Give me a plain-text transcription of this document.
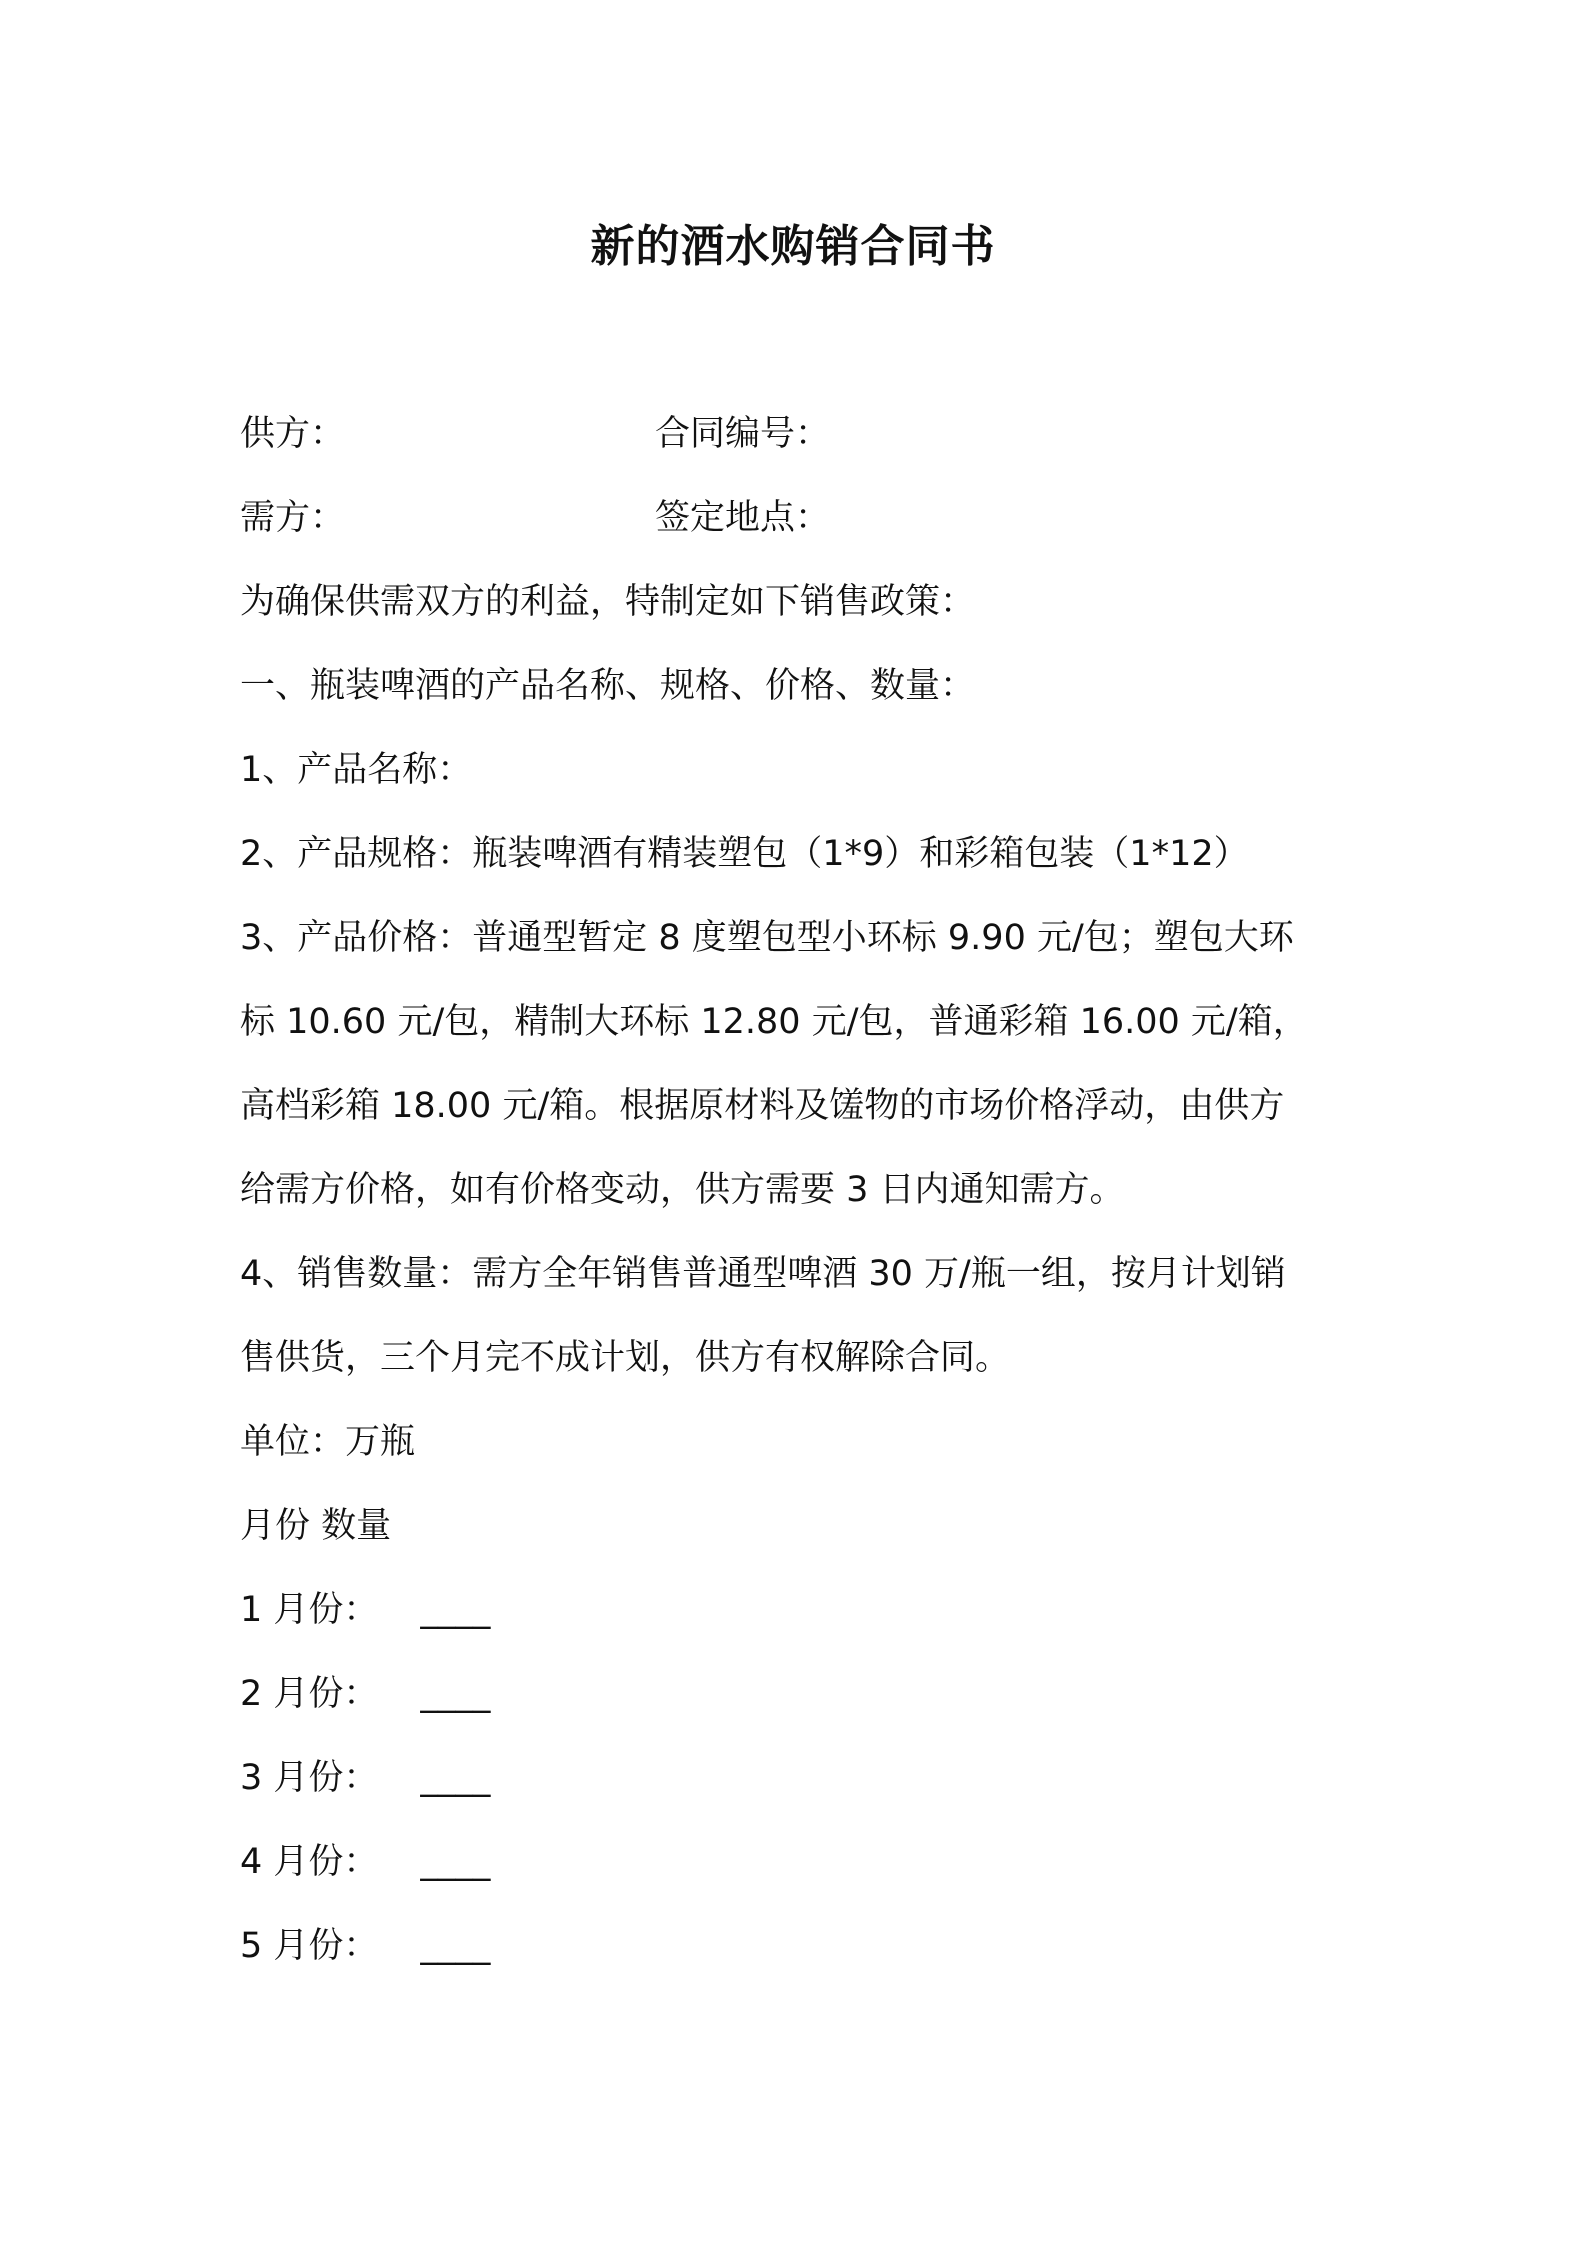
新的酒水购销合同书
供方：	合同编号：
需方：	签定地点：
为确保供需双方的利益，特制定如下销售政策：
一、瓶装啤酒的产品名称、规格、价格、数量：
1、产品名称：
2、产品规格：瓶装啤酒有精装塑包（1*9）和彩箱包装（1*12）
3、产品价格：普通型暂定 8 度塑包型小环标 9.90 元/包；塑包大环
标 10.60 元/包，精制大环标 12.80 元/包，普通彩箱 16.00 元/箱，
高档彩箱 18.00 元/箱。根据原材料及馐物的市场价格浮动，由供方
给需方价格，如有价格变动，供方需要 3 日内通知需方。
4、销售数量：需方全年销售普通型啤酒 30 万/瓶一组，按月计划销
售供货，三个月完不成计划，供方有权解除合同。
单位：万瓶
月份 数量
1 月份： ____
2 月份： ____
3 月份： ____
4 月份： ____
5 月份： ____
